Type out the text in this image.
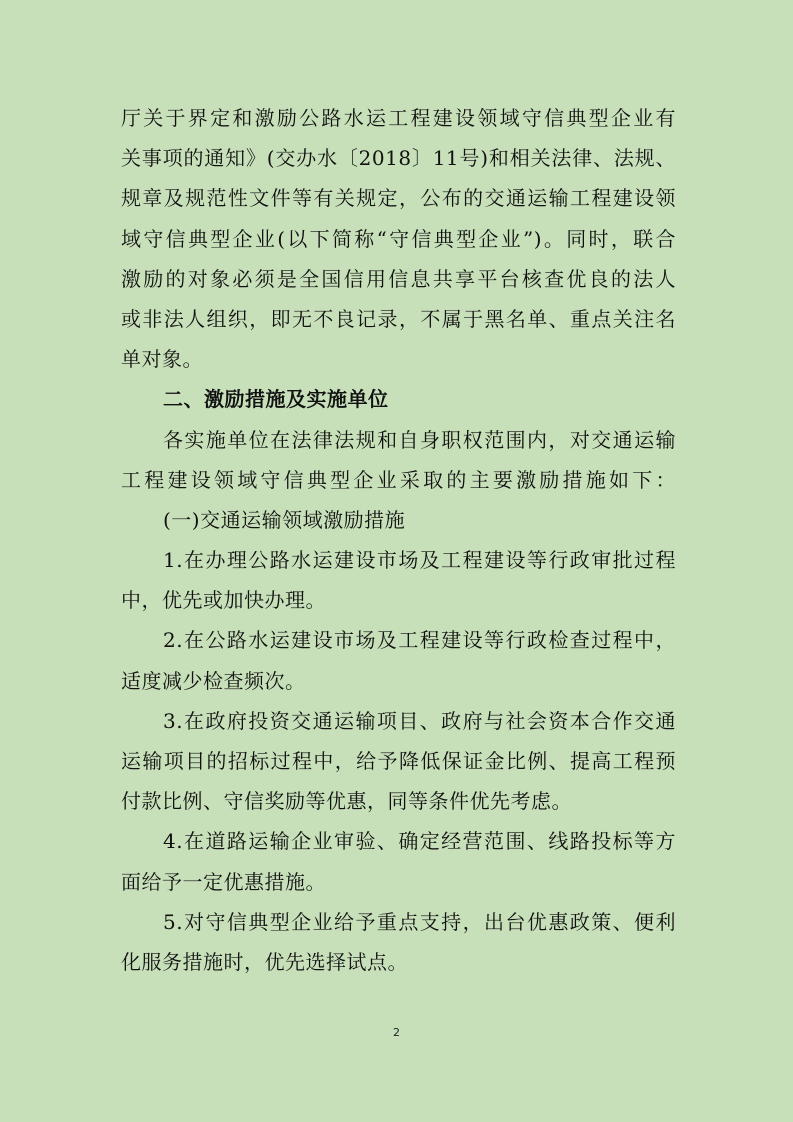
厅关于界定和激励公路水运工程建设领域守信典型企业有
关事项的通知》(交办水〔2018〕11号)和相关法律、法规、
规章及规范性文件等有关规定，公布的交通运输工程建设领
域守信典型企业(以下简称“守信典型企业”)。同时，联合
激励的对象必须是全国信用信息共享平台核查优良的法人
或非法人组织，即无不良记录，不属于黑名单、重点关注名
单对象。
二、激励措施及实施单位
各实施单位在法律法规和自身职权范围内，对交通运输
工程建设领域守信典型企业采取的主要激励措施如下：
(一)交通运输领域激励措施
1.在办理公路水运建设市场及工程建设等行政审批过程
中，优先或加快办理。
2.在公路水运建设市场及工程建设等行政检查过程中，
适度减少检查频次。
3.在政府投资交通运输项目、政府与社会资本合作交通
运输项目的招标过程中，给予降低保证金比例、提高工程预
付款比例、守信奖励等优惠，同等条件优先考虑。
4.在道路运输企业审验、确定经营范围、线路投标等方
面给予一定优惠措施。
5.对守信典型企业给予重点支持，出台优惠政策、便利
化服务措施时，优先选择试点。
2
